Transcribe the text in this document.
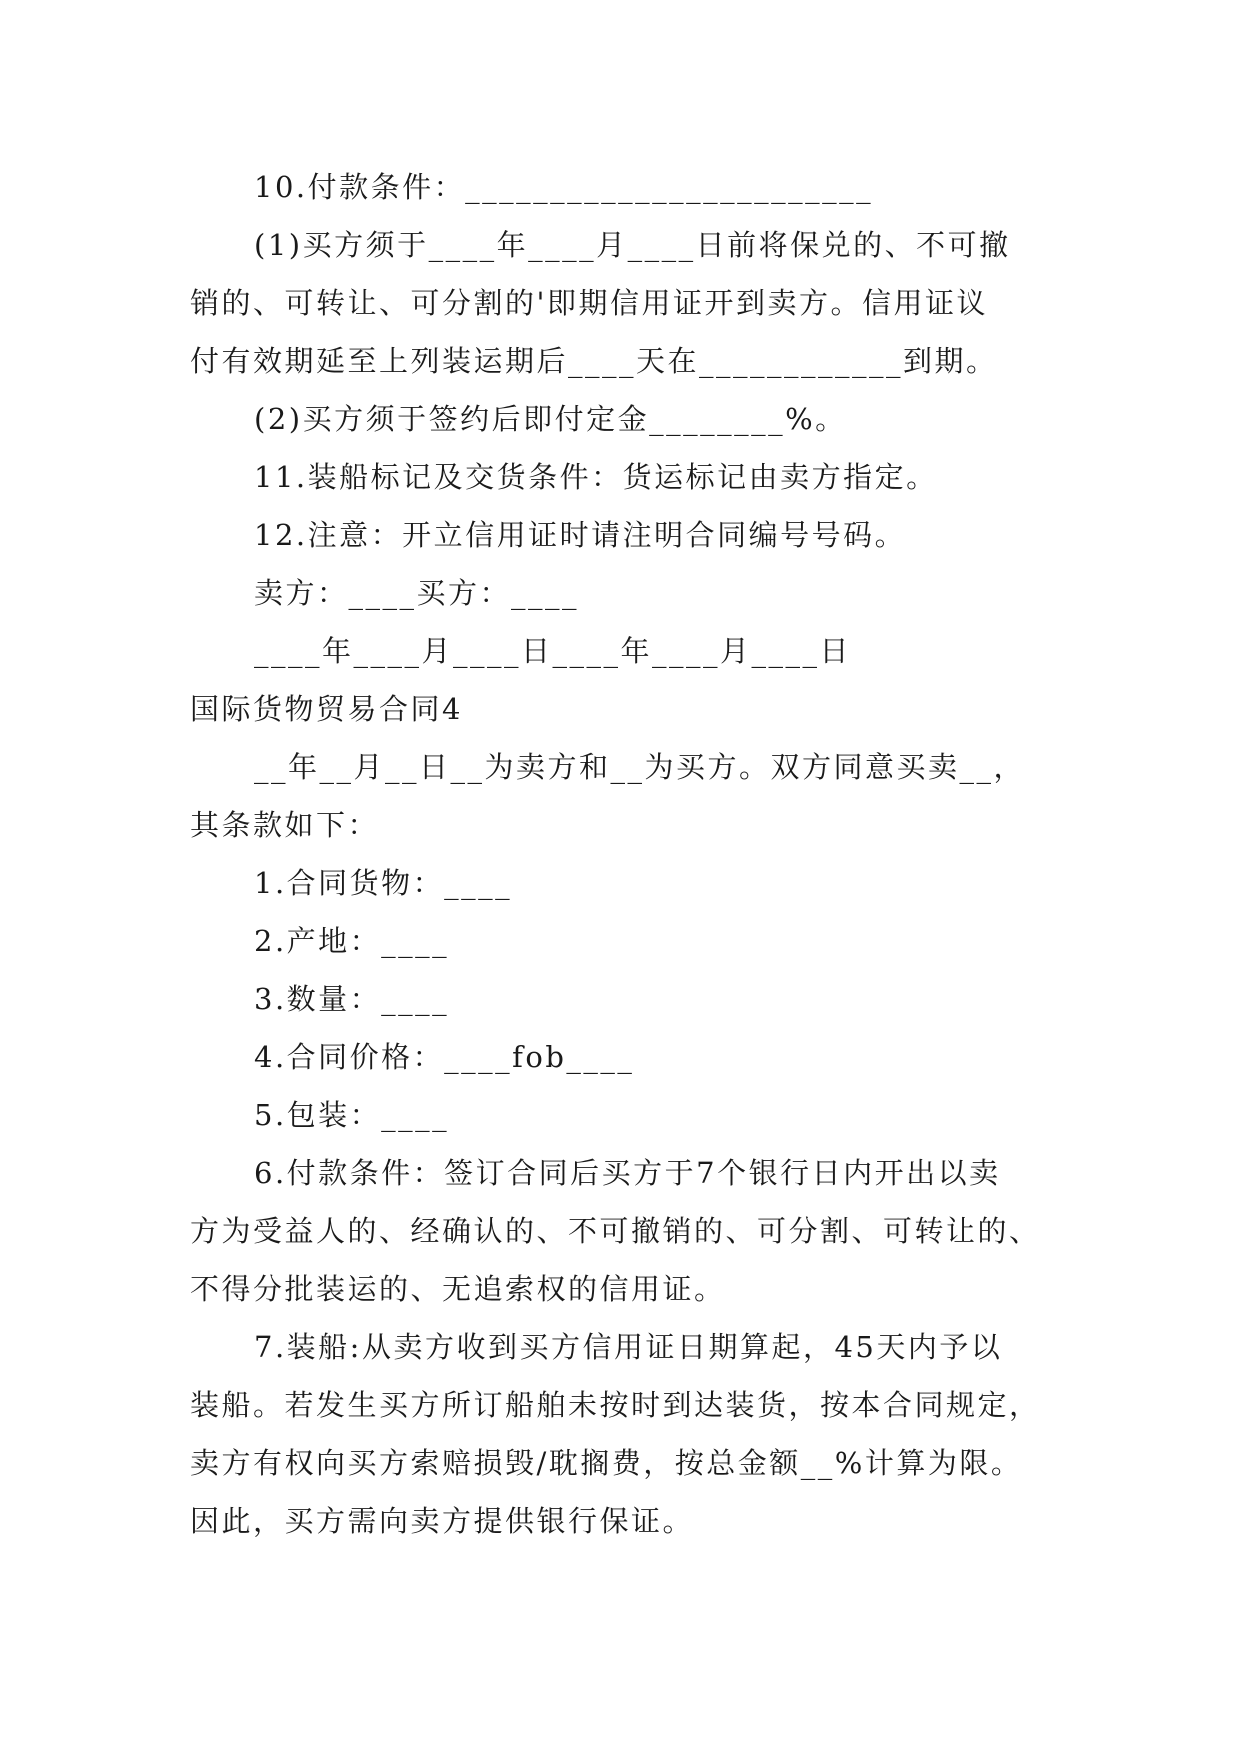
10.付款条件：________________________
(1)买方须于____年____月____日前将保兑的、不可撤
销的、可转让、可分割的'即期信用证开到卖方。信用证议
付有效期延至上列装运期后____天在____________到期。
(2)买方须于签约后即付定金________%。
11.装船标记及交货条件：货运标记由卖方指定。
12.注意：开立信用证时请注明合同编号号码。
卖方：____买方：____
____年____月____日____年____月____日
国际货物贸易合同4
__年__月__日__为卖方和__为买方。双方同意买卖__，
其条款如下：
1.合同货物：____
2.产地：____
3.数量：____
4.合同价格：____fob____
5.包装：____
6.付款条件：签订合同后买方于7个银行日内开出以卖
方为受益人的、经确认的、不可撤销的、可分割、可转让的、
不得分批装运的、无追索权的信用证。
7.装船:从卖方收到买方信用证日期算起，45天内予以
装船。若发生买方所订船舶未按时到达装货，按本合同规定，
卖方有权向买方索赔损毁/耽搁费，按总金额__%计算为限。
因此，买方需向卖方提供银行保证。
